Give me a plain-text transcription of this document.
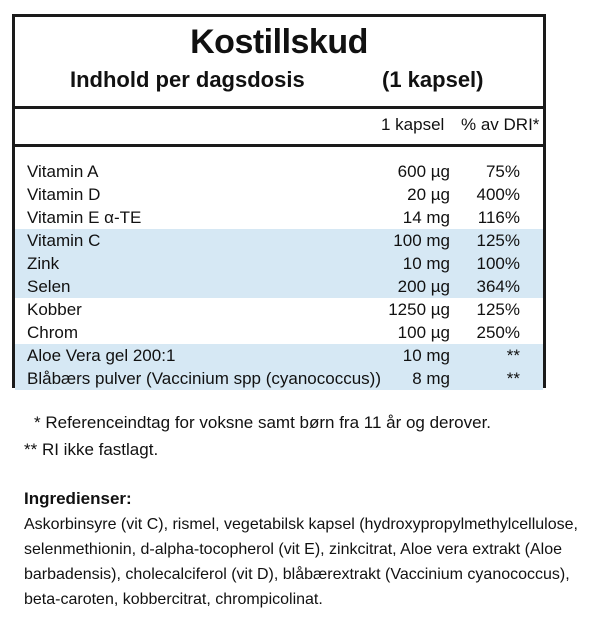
Kostillskud
Indhold per dagsdosis	(1 kapsel)
1 kapsel % av DRI*
Vitamin A	600 µg 75%
Vitamin D	20 µg 400%
Vitamin E α-TE	14 mg 116%
Vitamin C	100 mg 125%
Zink	10 mg 100%
Selen	200 µg 364%
Kobber	1250 µg 125%
Chrom	100 µg 250%
Aloe Vera gel 200:1	10 mg	**
Blåbærs pulver (Vaccinium spp (cyanococcus)) 8 mg	**
* Referenceindtag for voksne samt børn fra 11 år og derover.
** RI ikke fastlagt.
Ingredienser:
Askorbinsyre (vit C), rismel, vegetabilsk kapsel (hydroxypropylmethylcellulose,
selenmethionin, d-alpha-tocopherol (vit E), zinkcitrat, Aloe vera extrakt (Aloe
barbadensis), cholecalciferol (vit D), blåbærextrakt (Vaccinium cyanococcus),
beta-caroten, kobbercitrat, chrompicolinat.
